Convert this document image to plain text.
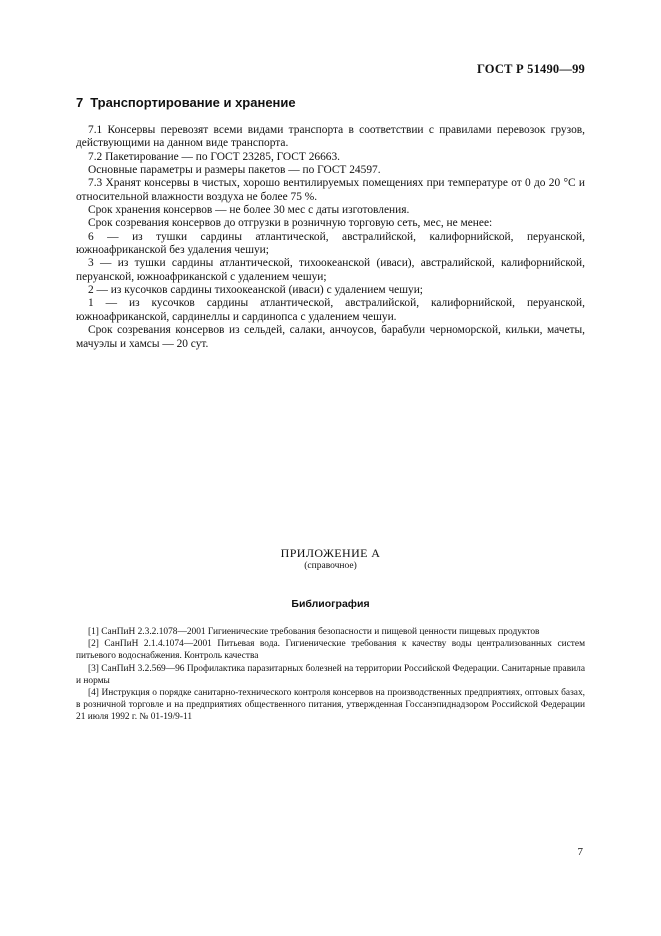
ГОСТ Р 51490—99
7 Транспортирование и хранение

7.1 Консервы перевозят всеми видами транспорта в соответствии с правилами перевозок грузов, действующими на данном виде транспорта.

7.2 Пакетирование — по ГОСТ 23285, ГОСТ 26663.

Основные параметры и размеры пакетов — по ГОСТ 24597.

7.3 Хранят консервы в чистых, хорошо вентилируемых помещениях при температуре от 0 до 20 °С и относительной влажности воздуха не более 75 %.

Срок хранения консервов — не более 30 мес с даты изготовления.

Срок созревания консервов до отгрузки в розничную торговую сеть, мес, не менее:

6 — из тушки сардины атлантической, австралийской, калифорнийской, перуанской, южноафриканской без удаления чешуи;

3 — из тушки сардины атлантической, тихоокеанской (иваси), австралийской, калифорнийской, перуанской, южноафриканской с удалением чешуи;

2 — из кусочков сардины тихоокеанской (иваси) с удалением чешуи;

1 — из кусочков сардины атлантической, австралийской, калифорнийской, перуанской, южноафриканской, сардинеллы и сардинопса с удалением чешуи.

Срок созревания консервов из сельдей, салаки, анчоусов, барабули черноморской, кильки, мачеты, мачуэлы и хамсы — 20 сут.

ПРИЛОЖЕНИЕ А
(справочное)
Библиография

[1] СанПиН 2.3.2.1078—2001 Гигиенические требования безопасности и пищевой ценности пищевых продуктов

[2] СанПиН 2.1.4.1074—2001 Питьевая вода. Гигиенические требования к качеству воды централизованных систем питьевого водоснабжения. Контроль качества

[3] СанПиН 3.2.569—96 Профилактика паразитарных болезней на территории Российской Федерации. Санитарные правила и нормы

[4] Инструкция о порядке санитарно-технического контроля консервов на производственных предприятиях, оптовых базах, в розничной торговле и на предприятиях общественного питания, утвержденная Госсанэпиднадзором Российской Федерации 21 июля 1992 г. № 01-19/9-11

7
